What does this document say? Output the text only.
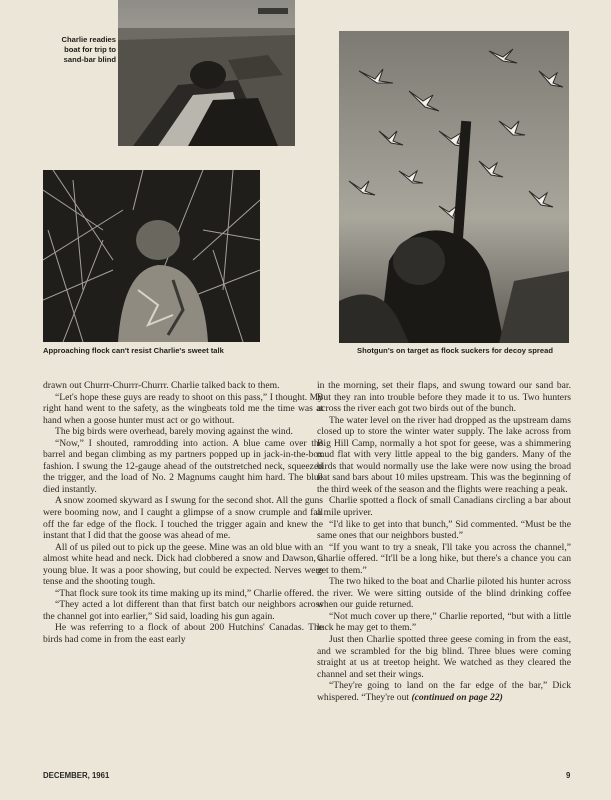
Charlie readies
boat for trip to
sand-bar blind
Shotgun's on target as flock suckers for decoy spread
Approaching flock can't resist Charlie's sweet talk

drawn out Churrr-Churrr-Churrr. Charlie talked back to them.

“Let's hope these guys are ready to shoot on this pass,” I thought. My right hand went to the safety, as the wingbeats told me the time was at hand when a goose hunter must act or go without.

The big birds were overhead, barely moving against the wind.

“Now,” I shouted, ramrodding into action. A blue came over the barrel and began climbing as my partners popped up in jack-in-the-box fashion. I swung the 12-gauge ahead of the outstretched neck, squeezed the trigger, and the load of No. 2 Magnums caught him hard. The blue died instantly.

A snow zoomed skyward as I swung for the second shot. All the guns were booming now, and I caught a glimpse of a snow crumple and fall off the far edge of the flock. I touched the trigger again and knew the instant that I did that the goose was ahead of me.

All of us piled out to pick up the geese. Mine was an old blue with an almost white head and neck. Dick had clobbered a snow and Dawson, a young blue. It was a poor showing, but could be expected. Nerves were tense and the shooting tough.

“That flock sure took its time making up its mind,” Charlie offered.

“They acted a lot different than that first batch our neighbors across the channel got into earlier,” Sid said, loading his gun again.

He was referring to a flock of about 200 Hutchins' Canadas. The birds had come in from the east early

in the morning, set their flaps, and swung toward our sand bar. But they ran into trouble before they made it to us. Two hunters across the river each got two birds out of the bunch.

The water level on the river had dropped as the upstream dams closed up to store the winter water supply. The lake across from Big Hill Camp, normally a hot spot for geese, was a shimmering mud flat with very little appeal to the big ganders. Many of the birds that would normally use the lake were now using the broad flat sand bars about 10 miles upstream. This was the beginning of the third week of the season and the flights were reaching a peak.

Charlie spotted a flock of small Canadians circling a bar about a mile upriver.

“I'd like to get into that bunch,” Sid commented. “Must be the same ones that our neighbors busted.”

“If you want to try a sneak, I'll take you across the channel,” Charlie offered. “It'll be a long hike, but there's a chance you can get to them.”

The two hiked to the boat and Charlie piloted his hunter across the river. We were sitting outside of the blind drinking coffee when our guide returned.

“Not much cover up there,” Charlie reported, “but with a little luck he may get to them.”

Just then Charlie spotted three geese coming in from the east, and we scrambled for the big blind. Three blues were coming straight at us at treetop height. We watched as they cleared the channel and set their wings.

“They're going to land on the far edge of the bar,” Dick whispered. “They're out (continued on page 22)

DECEMBER, 1961	9
